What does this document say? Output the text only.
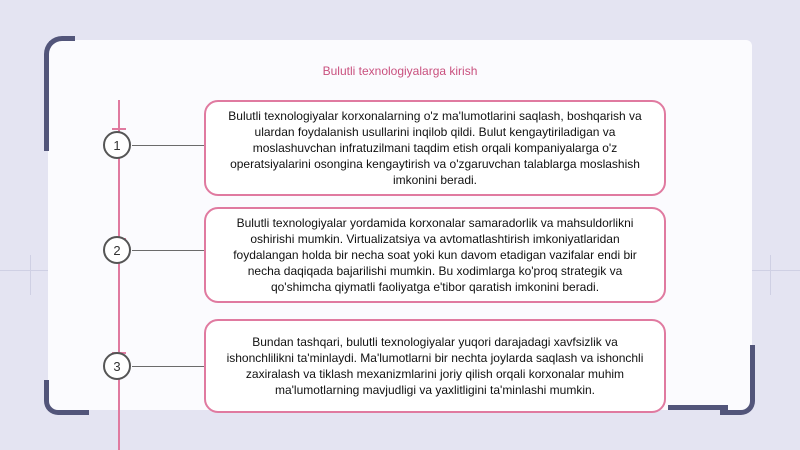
Bulutli texnologiyalarga kirish
1
Bulutli texnologiyalar korxonalarning o'z ma'lumotlarini saqlash, boshqarish va ulardan foydalanish usullarini inqilob qildi. Bulut kengaytiriladigan va moslashuvchan infratuzilmani taqdim etish orqali kompaniyalarga o'z operatsiyalarini osongina kengaytirish va o'zgaruvchan talablarga moslashish imkonini beradi.
2
Bulutli texnologiyalar yordamida korxonalar samaradorlik va mahsuldorlikni oshirishi mumkin. Virtualizatsiya va avtomatlashtirish imkoniyatlaridan foydalangan holda bir necha soat yoki kun davom etadigan vazifalar endi bir necha daqiqada bajarilishi mumkin. Bu xodimlarga ko'proq strategik va qo'shimcha qiymatli faoliyatga e'tibor qaratish imkonini beradi.
3
Bundan tashqari, bulutli texnologiyalar yuqori darajadagi xavfsizlik va ishonchlilikni ta'minlaydi. Ma'lumotlarni bir nechta joylarda saqlash va ishonchli zaxiralash va tiklash mexanizmlarini joriy qilish orqali korxonalar muhim ma'lumotlarning mavjudligi va yaxlitligini ta'minlashi mumkin.
